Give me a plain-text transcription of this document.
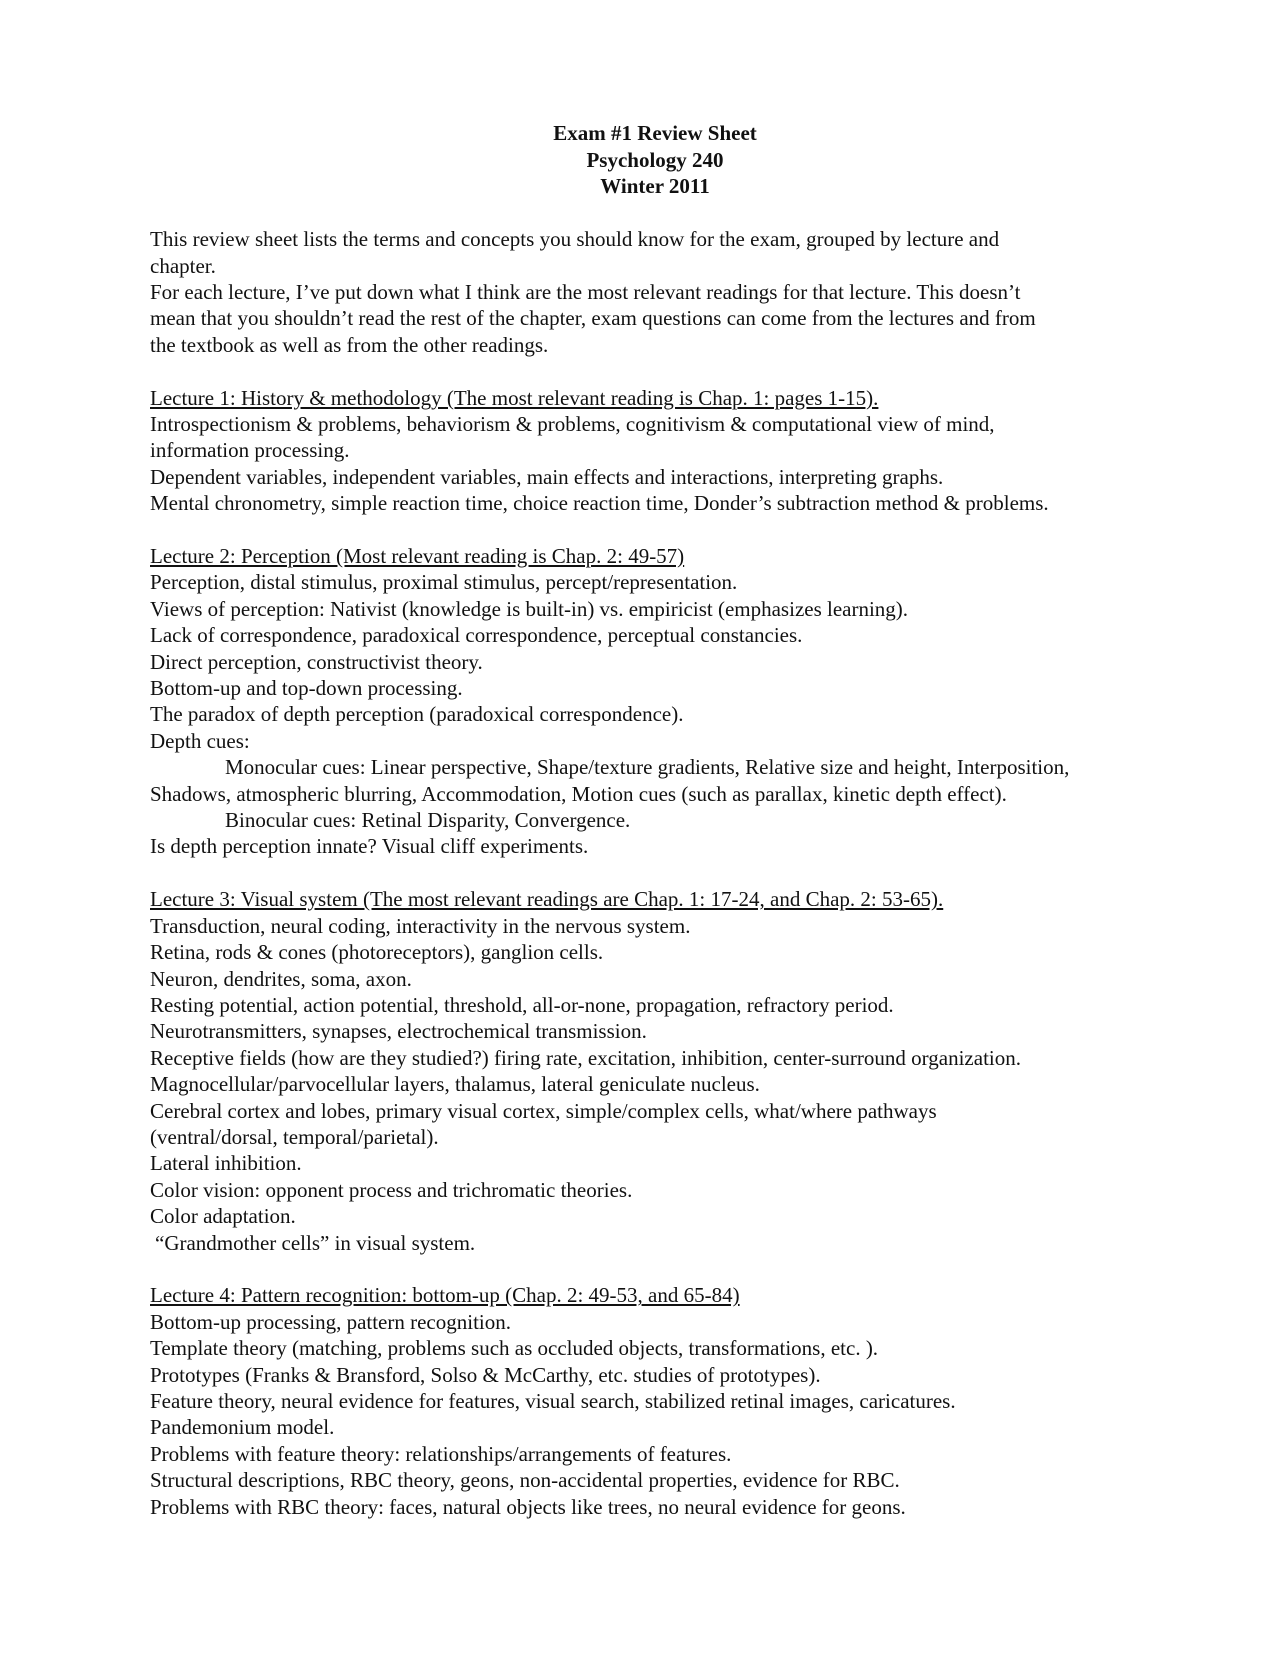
Exam #1 Review Sheet
Psychology 240
Winter 2011
This review sheet lists the terms and concepts you should know for the exam, grouped by lecture and
chapter.
For each lecture, I’ve put down what I think are the most relevant readings for that lecture. This doesn’t
mean that you shouldn’t read the rest of the chapter, exam questions can come from the lectures and from
the textbook as well as from the other readings.
Lecture 1: History & methodology (The most relevant reading is Chap. 1: pages 1-15).
Introspectionism & problems, behaviorism & problems, cognitivism & computational view of mind,
information processing.
Dependent variables, independent variables, main effects and interactions, interpreting graphs.
Mental chronometry, simple reaction time, choice reaction time, Donder’s subtraction method & problems.
Lecture 2: Perception (Most relevant reading is Chap. 2: 49-57)
Perception, distal stimulus, proximal stimulus, percept/representation.
Views of perception: Nativist (knowledge is built-in) vs. empiricist (emphasizes learning).
Lack of correspondence, paradoxical correspondence, perceptual constancies.
Direct perception, constructivist theory.
Bottom-up and top-down processing.
The paradox of depth perception (paradoxical correspondence).
Depth cues:
Monocular cues: Linear perspective, Shape/texture gradients, Relative size and height, Interposition,
Shadows, atmospheric blurring, Accommodation, Motion cues (such as parallax, kinetic depth effect).
Binocular cues: Retinal Disparity, Convergence.
Is depth perception innate? Visual cliff experiments.
Lecture 3: Visual system (The most relevant readings are Chap. 1: 17-24, and Chap. 2: 53-65).
Transduction, neural coding, interactivity in the nervous system.
Retina, rods & cones (photoreceptors), ganglion cells.
Neuron, dendrites, soma, axon.
Resting potential, action potential, threshold, all-or-none, propagation, refractory period.
Neurotransmitters, synapses, electrochemical transmission.
Receptive fields (how are they studied?) firing rate, excitation, inhibition, center-surround organization.
Magnocellular/parvocellular layers, thalamus, lateral geniculate nucleus.
Cerebral cortex and lobes, primary visual cortex, simple/complex cells, what/where pathways
(ventral/dorsal, temporal/parietal).
Lateral inhibition.
Color vision: opponent process and trichromatic theories.
Color adaptation.
“Grandmother cells” in visual system.
Lecture 4: Pattern recognition: bottom-up (Chap. 2: 49-53, and 65-84)
Bottom-up processing, pattern recognition.
Template theory (matching, problems such as occluded objects, transformations, etc. ).
Prototypes (Franks & Bransford, Solso & McCarthy, etc. studies of prototypes).
Feature theory, neural evidence for features, visual search, stabilized retinal images, caricatures.
Pandemonium model.
Problems with feature theory: relationships/arrangements of features.
Structural descriptions, RBC theory, geons, non-accidental properties, evidence for RBC.
Problems with RBC theory: faces, natural objects like trees, no neural evidence for geons.
